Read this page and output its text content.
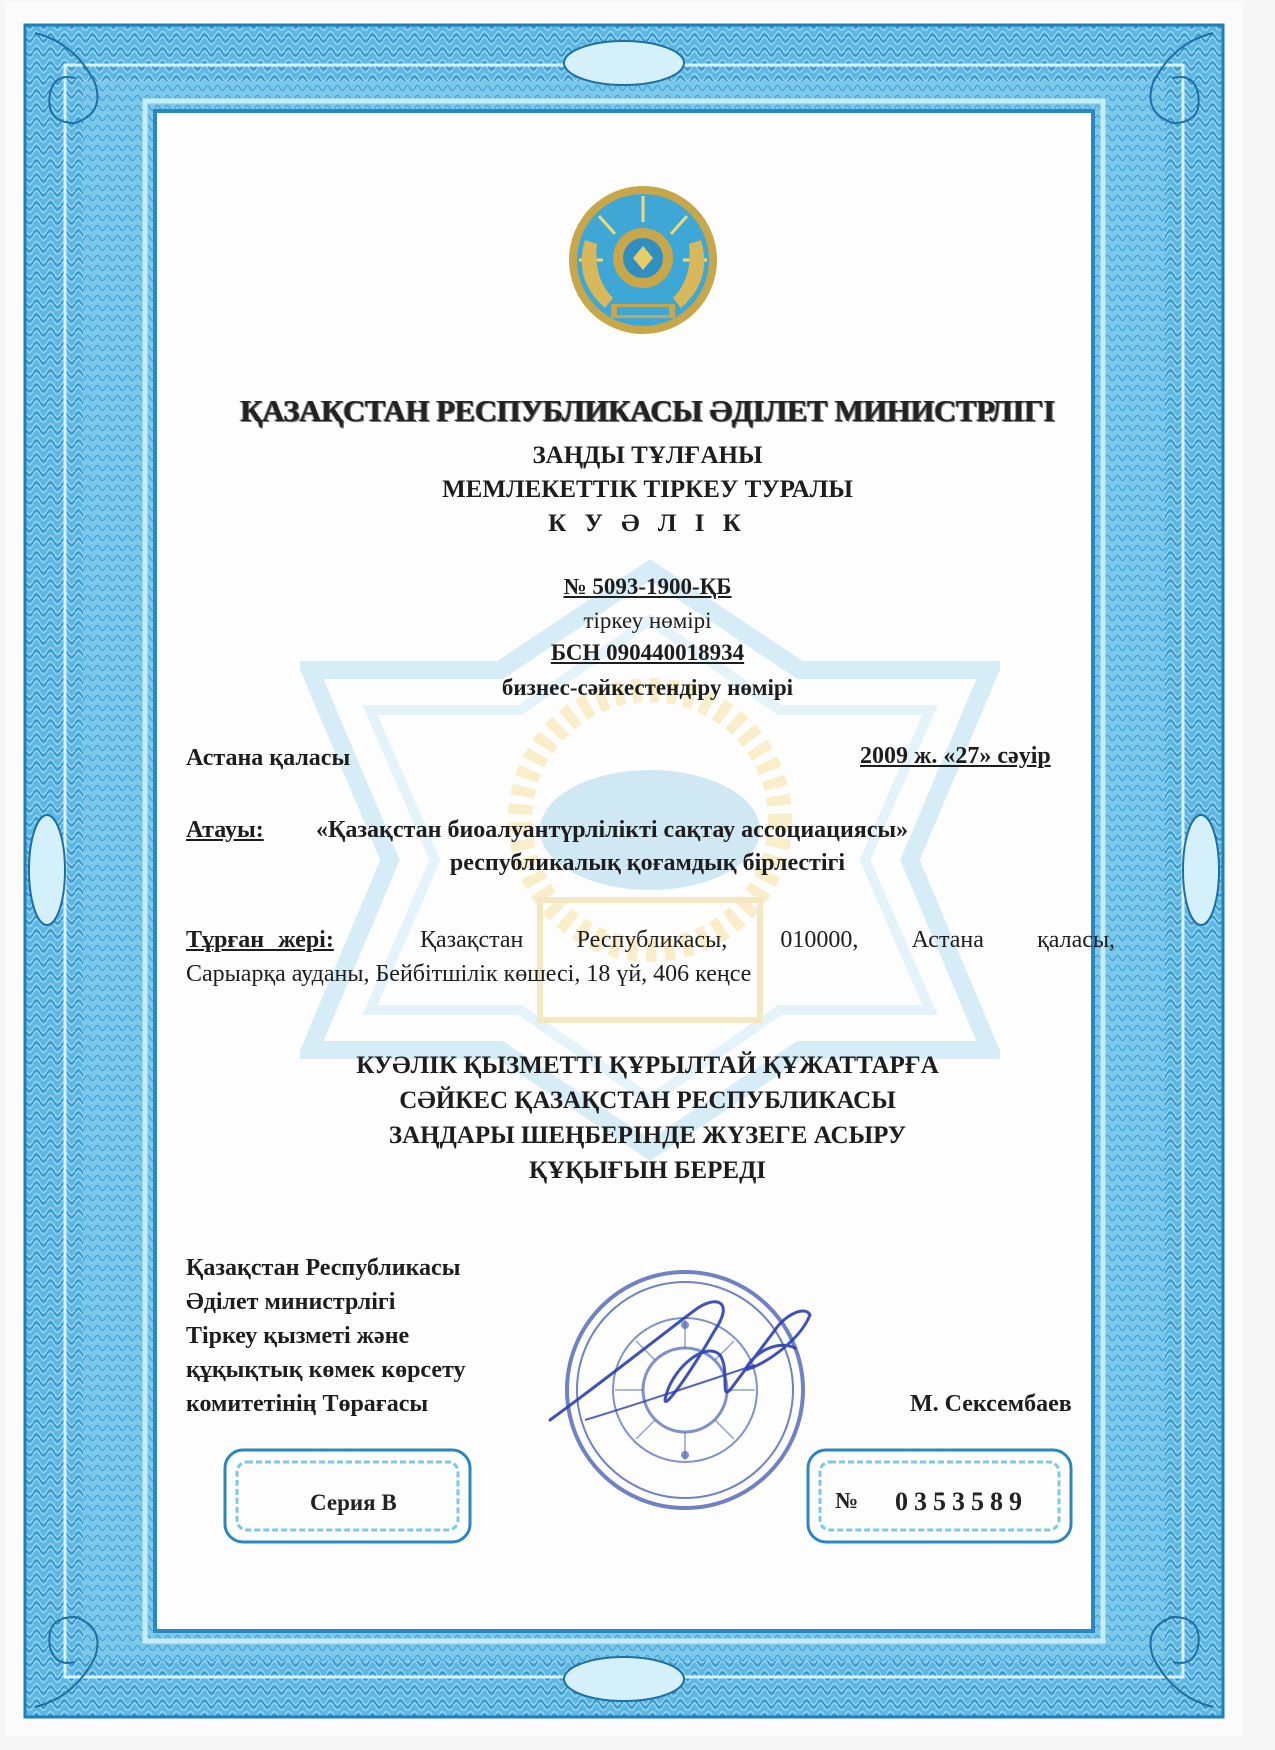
ҚАЗАҚСТАН РЕСПУБЛИКАСЫ ӘДІЛЕТ МИНИСТРЛІГІ
ЗАҢДЫ ТҰЛҒАНЫ
МЕМЛЕКЕТТІК ТІРКЕУ ТУРАЛЫ
К У Ә Л І К
№ 5093-1900-ҚБ
тіркеу нөмірі
БСН 090440018934
бизнес-сәйкестендіру нөмірі
Астана қаласы	2009 ж. «27» сәуір
Атауы: «Қазақстан биоалуантүрлілікті сақтау ассоциациясы»
республикалық қоғамдық бірлестігі
Тұрған жері:	Қазақстан Республикасы, 010000, Астана қаласы,
Сарыарқа ауданы, Бейбітшілік көшесі, 18 үй, 406 кеңсе
КУӘЛІК ҚЫЗМЕТТІ ҚҰРЫЛТАЙ ҚҰЖАТТАРҒА
СӘЙКЕС ҚАЗАҚСТАН РЕСПУБЛИКАСЫ
ЗАҢДАРЫ ШЕҢБЕРІНДЕ ЖҮЗЕГЕ АСЫРУ
ҚҰҚЫҒЫН БЕРЕДІ
Қазақстан Республикасы
Әділет министрлігі
Тіркеу қызметі және
құқықтық көмек көрсету
комитетінің Төрағасы	М. Сексембаев
Серия В	№ 0353589
